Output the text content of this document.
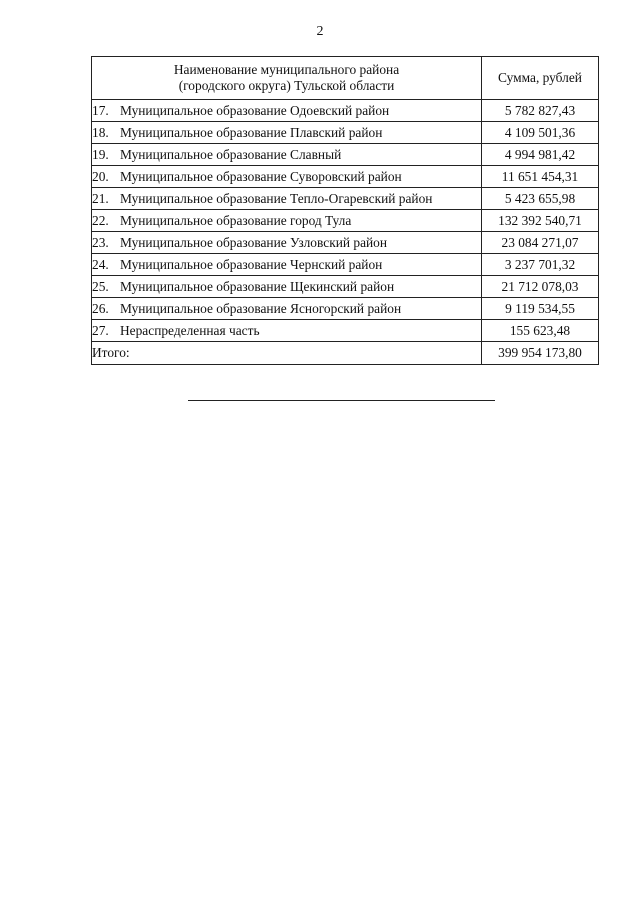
2
Наименование муниципального района
(городского округа) Тульской области	Сумма, рублей
17. Муниципальное образование Одоевский район	5 782 827,43
18. Муниципальное образование Плавский район	4 109 501,36
19. Муниципальное образование Славный	4 994 981,42
20. Муниципальное образование Суворовский район	11 651 454,31
21. Муниципальное образование Тепло-Огаревский район	5 423 655,98
22. Муниципальное образование город Тула	132 392 540,71
23. Муниципальное образование Узловский район	23 084 271,07
24. Муниципальное образование Чернский район	3 237 701,32
25. Муниципальное образование Щекинский район	21 712 078,03
26. Муниципальное образование Ясногорский район	9 119 534,55
27. Нераспределенная часть	155 623,48
Итого:	399 954 173,80
